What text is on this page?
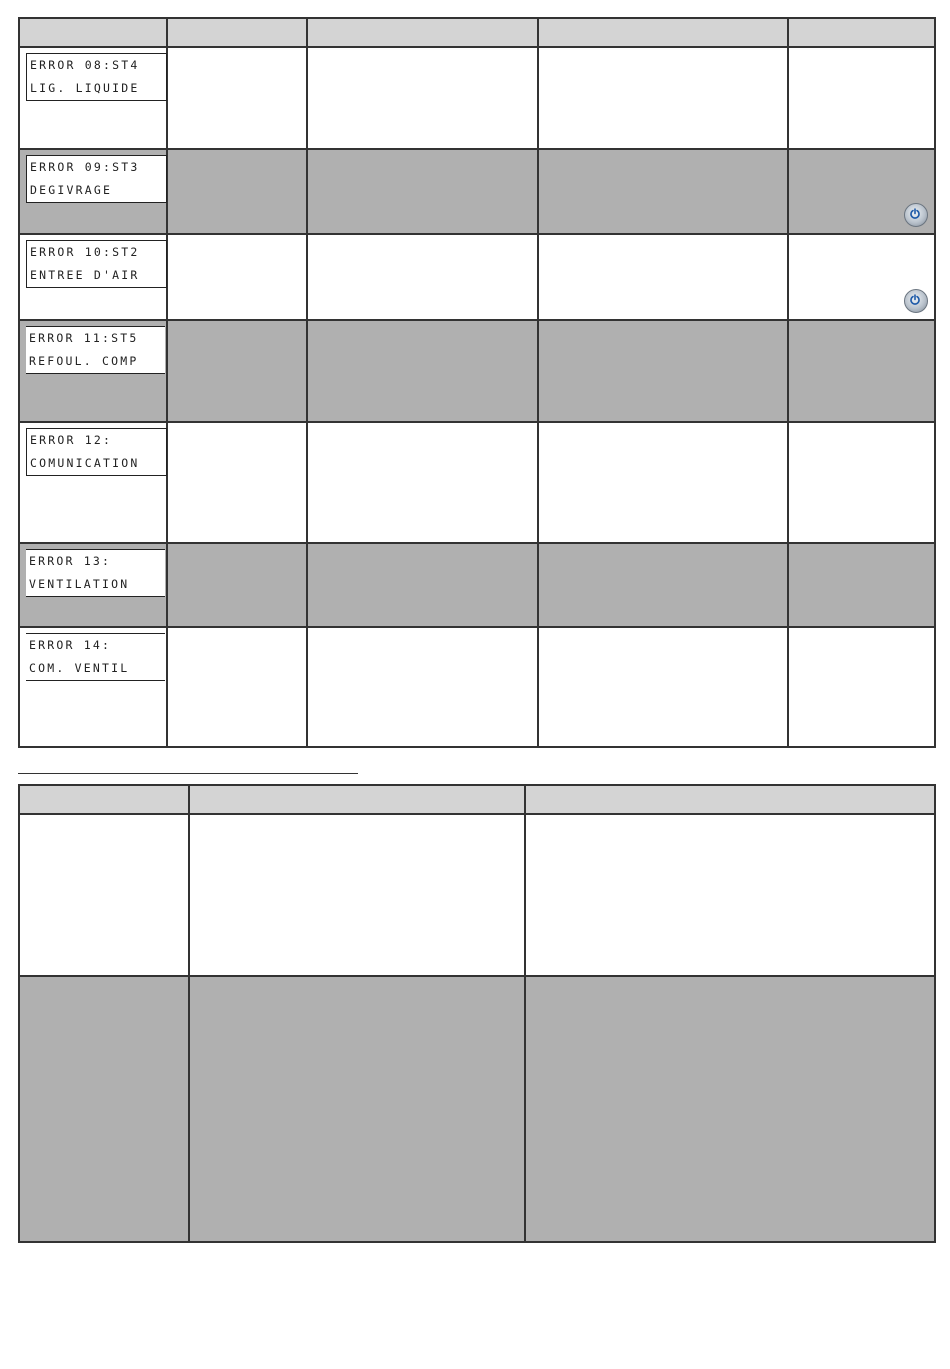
ERROR 08:ST4
LIG. LIQUIDE				

ERROR 09:ST3
DEGIVRAGE

ERROR 10:ST2
ENTREE D'AIR

ERROR 11:ST5
REFOUL. COMP				

ERROR 12:
COMUNICATION				

ERROR 13:
VENTILATION				

ERROR 14:
COM. VENTIL				
